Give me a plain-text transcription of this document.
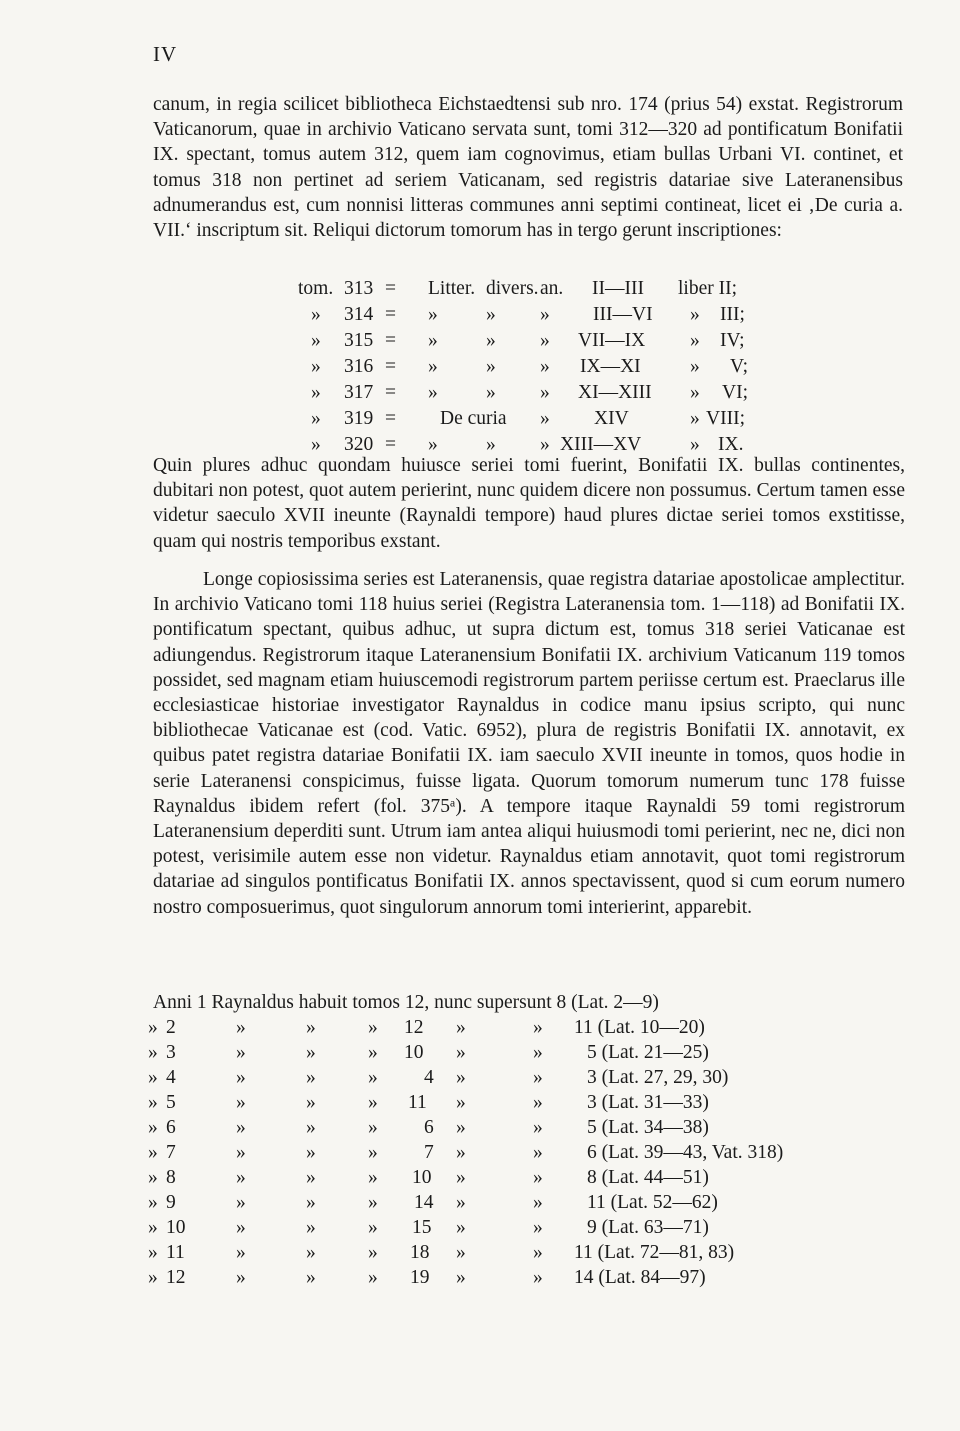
IV

canum, in regia scilicet bibliotheca Eichstaedtensi sub nro. 174 (prius 54) exstat. Registrorum Vaticanorum, quae in archivio Vaticano servata sunt, tomi 312—320 ad pontificatum Bonifatii IX. spectant, tomus autem 312, quem iam cognovimus, etiam bullas Urbani VI. continet, et tomus 318 non pertinet ad seriem Vaticanam, sed registris datariae sive Lateranensibus adnumerandus est, cum nonnisi litteras communes anni septimi contineat, licet ei ‚De curia a. VII.‘ inscriptum sit. Reliqui dictorum tomorum has in tergo gerunt inscriptiones:

tom. 313 = Litter. divers. an. II—III liber II;
» 314 = » » » III—VI » III;
» 315 = » » » VII—IX » IV;
» 316 = » » » IX—XI	» V;
» 317 = » » » XI—XIII » VI;
» 319 = De curia » XIV	» VIII;
» 320 = » » » XIII—XV	» IX.

Quin plures adhuc quondam huiusce seriei tomi fuerint, Bonifatii IX. bullas continentes, dubitari non potest, quot autem perierint, nunc quidem dicere non possumus. Certum tamen esse videtur saeculo XVII ineunte (Raynaldi tempore) haud plures dictae seriei tomos exstitisse, quam qui nostris temporibus exstant.

Longe copiosissima series est Lateranensis, quae registra datariae apostolicae amplectitur. In archivio Vaticano tomi 118 huius seriei (Registra Lateranensia tom. 1—118) ad Bonifatii IX. pontificatum spectant, quibus adhuc, ut supra dictum est, tomus 318 seriei Vaticanae est adiungendus. Registrorum itaque Lateranensium Bonifatii IX. archivium Vaticanum 119 tomos possidet, sed magnam etiam huiuscemodi registrorum partem periisse certum est. Praeclarus ille ecclesiasticae historiae investigator Raynaldus in codice manu ipsius scripto, qui nunc bibliothecae Vaticanae est (cod. Vatic. 6952), plura de registris Bonifatii IX. annotavit, ex quibus patet registra datariae Bonifatii IX. iam saeculo XVII ineunte in tomos, quos hodie in serie Lateranensi conspicimus, fuisse ligata. Quorum tomorum numerum tunc 178 fuisse Raynaldus ibidem refert (fol. 375ᵃ). A tempore itaque Raynaldi 59 tomi registrorum Lateranensium deperditi sunt. Utrum iam antea aliqui huiusmodi tomi perierint, nec ne, dici non potest, verisimile autem esse non videtur. Raynaldus etiam annotavit, quot tomi registrorum datariae ad singulos pontificatus Bonifatii IX. annos spectavissent, quod si cum eorum numero nostro composuerimus, quot singulorum annorum tomi interierint, apparebit.

Anni 1 Raynaldus habuit tomos 12, nunc supersunt 8 (Lat. 2—9)
» 2	»	»	» 12 »	» 11 (Lat. 10—20)
» 3	»	»	» 10 »	» 5 (Lat. 21—25)
» 4	»	»	» 4 »	» 3 (Lat. 27, 29, 30)
» 5	»	»	» 11 »	» 3 (Lat. 31—33)
» 6	»	»	» 6 »	» 5 (Lat. 34—38)
» 7	»	»	» 7 »	» 6 (Lat. 39—43, Vat. 318)
» 8	»	»	» 10 »	» 8 (Lat. 44—51)
» 9	»	»	» 14 »	» 11 (Lat. 52—62)
» 10	»	»	» 15 »	» 9 (Lat. 63—71)
» 11	»	»	» 18 »	» 11 (Lat. 72—81, 83)
» 12	»	»	» 19 »	» 14 (Lat. 84—97)
